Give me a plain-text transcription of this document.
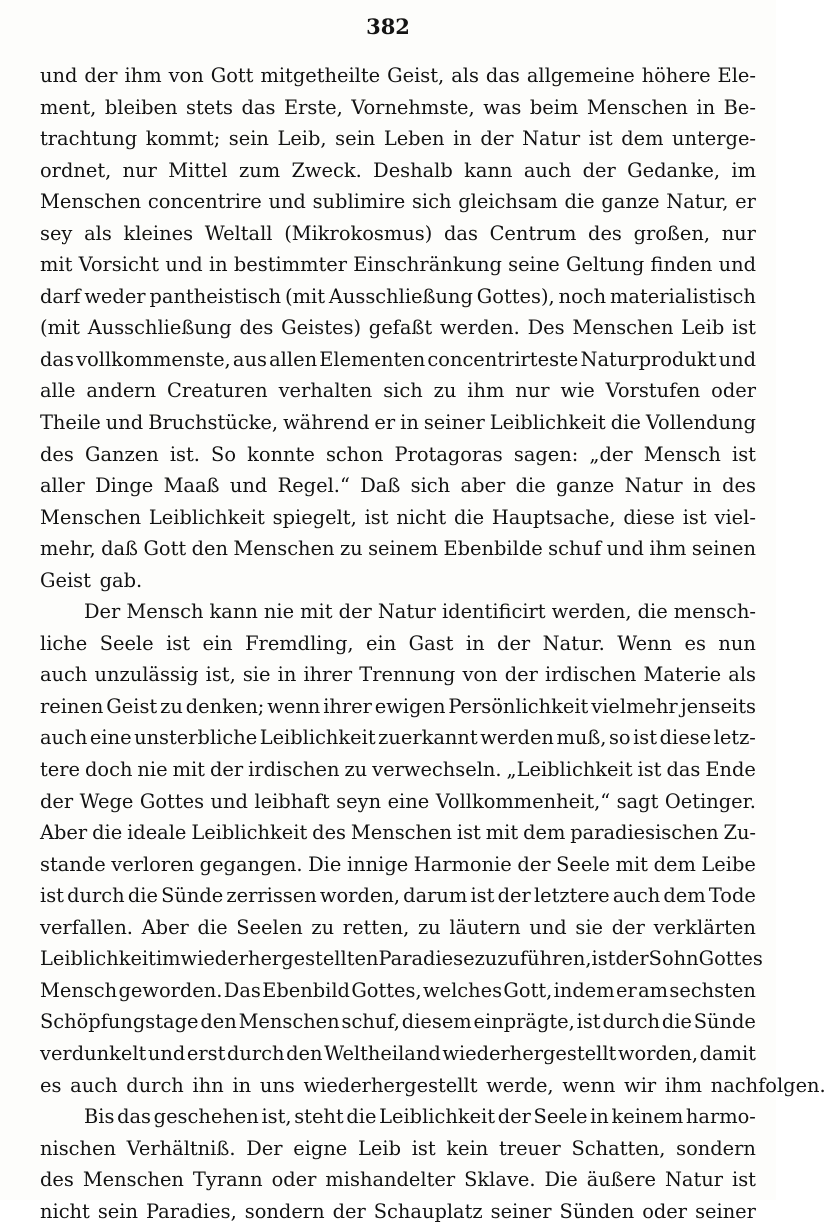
382

und der ihm von Gott mitgetheilte Geist, als das allgemeine höhere Ele-

ment, bleiben stets das Erste, Vornehmste, was beim Menschen in Be-

trachtung kommt; sein Leib, sein Leben in der Natur ist dem unterge-

ordnet, nur Mittel zum Zweck. Deshalb kann auch der Gedanke, im

Menschen concentrire und sublimire sich gleichsam die ganze Natur, er

sey als kleines Weltall (Mikrokosmus) das Centrum des großen, nur

mit Vorsicht und in bestimmter Einschränkung seine Geltung finden und

darf weder pantheistisch (mit Ausschließung Gottes), noch materialistisch

(mit Ausschließung des Geistes) gefaßt werden. Des Menschen Leib ist

das vollkommenste, aus allen Elementen concentrirteste Naturprodukt und

alle andern Creaturen verhalten sich zu ihm nur wie Vorstufen oder

Theile und Bruchstücke, während er in seiner Leiblichkeit die Vollendung

des Ganzen ist. So konnte schon Protagoras sagen: „der Mensch ist

aller Dinge Maaß und Regel.“ Daß sich aber die ganze Natur in des

Menschen Leiblichkeit spiegelt, ist nicht die Hauptsache, diese ist viel-

mehr, daß Gott den Menschen zu seinem Ebenbilde schuf und ihm seinen

Geist gab.

Der Mensch kann nie mit der Natur identificirt werden, die mensch-

liche Seele ist ein Fremdling, ein Gast in der Natur. Wenn es nun

auch unzulässig ist, sie in ihrer Trennung von der irdischen Materie als

reinen Geist zu denken; wenn ihrer ewigen Persönlichkeit vielmehr jenseits

auch eine unsterbliche Leiblichkeit zuerkannt werden muß, so ist diese letz-

tere doch nie mit der irdischen zu verwechseln. „Leiblichkeit ist das Ende

der Wege Gottes und leibhaft seyn eine Vollkommenheit,“ sagt Oetinger.

Aber die ideale Leiblichkeit des Menschen ist mit dem paradiesischen Zu-

stande verloren gegangen. Die innige Harmonie der Seele mit dem Leibe

ist durch die Sünde zerrissen worden, darum ist der letztere auch dem Tode

verfallen. Aber die Seelen zu retten, zu läutern und sie der verklärten

Leiblichkeit im wiederhergestellten Paradiese zuzuführen, ist der Sohn Gottes

Mensch geworden. Das Ebenbild Gottes, welches Gott, indem er am sechsten

Schöpfungstage den Menschen schuf, diesem einprägte, ist durch die Sünde

verdunkelt und erst durch den Weltheiland wiederhergestellt worden, damit

es auch durch ihn in uns wiederhergestellt werde, wenn wir ihm nachfolgen.

Bis das geschehen ist, steht die Leiblichkeit der Seele in keinem harmo-

nischen Verhältniß. Der eigne Leib ist kein treuer Schatten, sondern

des Menschen Tyrann oder mishandelter Sklave. Die äußere Natur ist

nicht sein Paradies, sondern der Schauplatz seiner Sünden oder seiner
